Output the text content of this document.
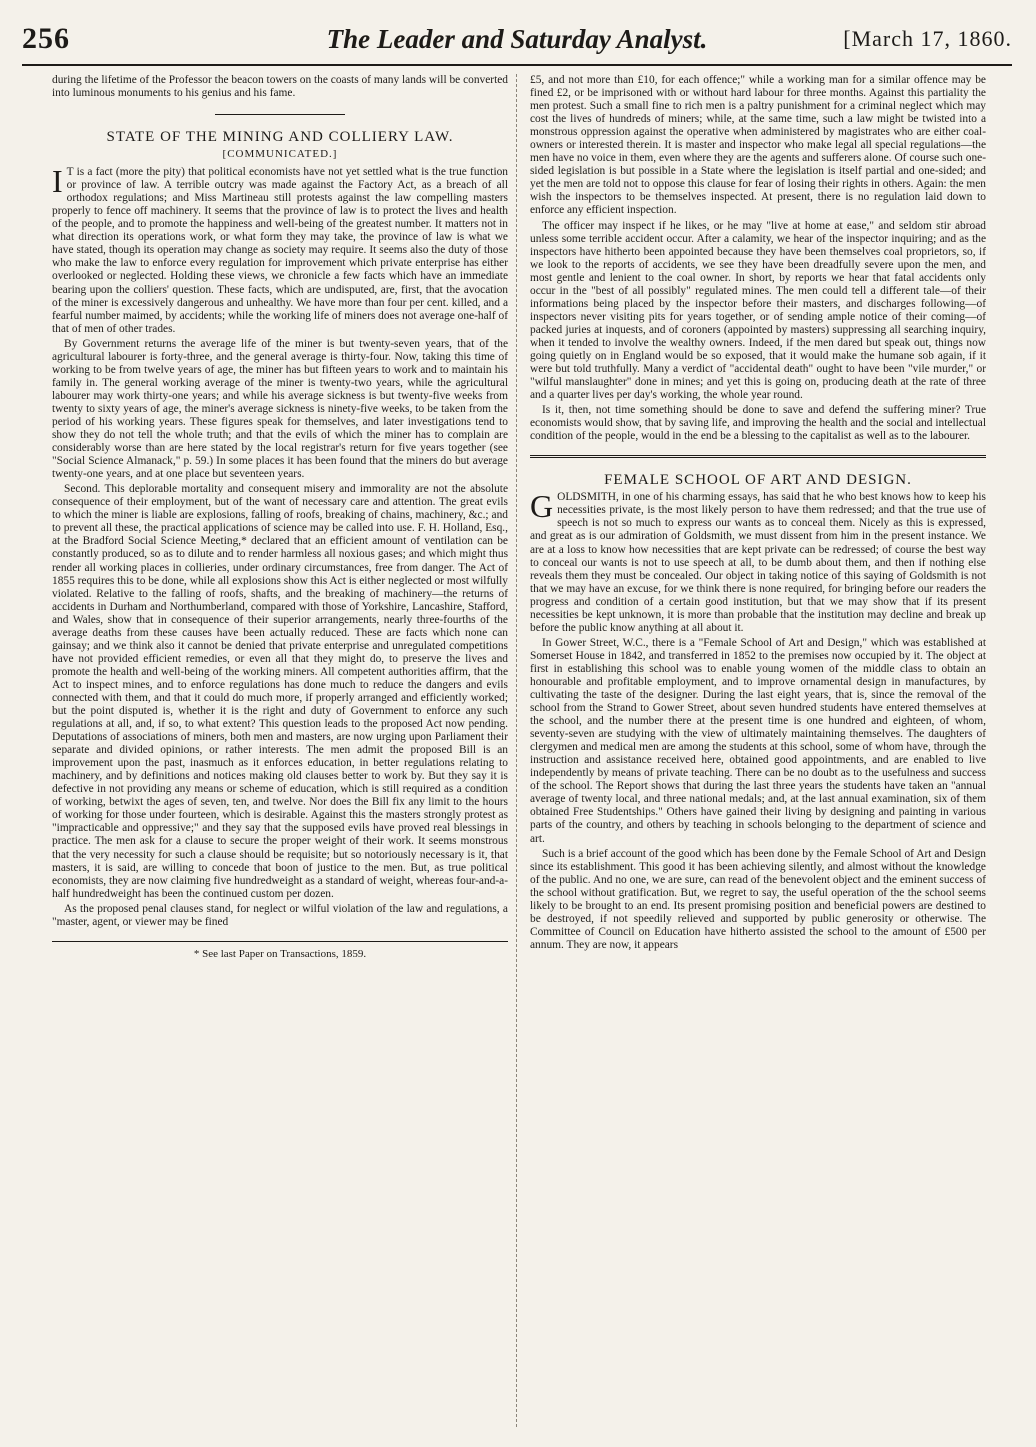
256	The Leader and Saturday Analyst.	[March 17, 1860.

during the lifetime of the Professor the beacon towers on the coasts of many lands will be converted into luminous monuments to his genius and his fame.

STATE OF THE MINING AND COLLIERY LAW.
[COMMUNICATED.]

I T is a fact (more the pity) that political economists have not yet settled what is the true function or province of law. A terrible outcry was made against the Factory Act, as a breach of all orthodox regulations; and Miss Martineau still protests against the law compelling masters properly to fence off machinery. It seems that the province of law is to protect the lives and health of the people, and to promote the happiness and well-being of the greatest number. It matters not in what direction its operations work, or what form they may take, the province of law is what we have stated, though its operation may change as society may require. It seems also the duty of those who make the law to enforce every regulation for improvement which private enterprise has either overlooked or neglected. Holding these views, we chronicle a few facts which have an immediate bearing upon the colliers' question. These facts, which are undisputed, are, first, that the avocation of the miner is excessively dangerous and unhealthy. We have more than four per cent. killed, and a fearful number maimed, by accidents; while the working life of miners does not average one-half of that of men of other trades.

By Government returns the average life of the miner is but twenty-seven years, that of the agricultural labourer is forty-three, and the general average is thirty-four. Now, taking this time of working to be from twelve years of age, the miner has but fifteen years to work and to maintain his family in. The general working average of the miner is twenty-two years, while the agricultural labourer may work thirty-one years; and while his average sickness is but twenty-five weeks from twenty to sixty years of age, the miner's average sickness is ninety-five weeks, to be taken from the period of his working years. These figures speak for themselves, and later investigations tend to show they do not tell the whole truth; and that the evils of which the miner has to complain are considerably worse than are here stated by the local registrar's return for five years together (see "Social Science Almanack," p. 59.) In some places it has been found that the miners do but average twenty-one years, and at one place but seventeen years.

Second. This deplorable mortality and consequent misery and immorality are not the absolute consequence of their employment, but of the want of necessary care and attention. The great evils to which the miner is liable are explosions, falling of roofs, breaking of chains, machinery, &c.; and to prevent all these, the practical applications of science may be called into use. F. H. Holland, Esq., at the Bradford Social Science Meeting,* declared that an efficient amount of ventilation can be constantly produced, so as to dilute and to render harmless all noxious gases; and which might thus render all working places in collieries, under ordinary circumstances, free from danger. The Act of 1855 requires this to be done, while all explosions show this Act is either neglected or most wilfully violated. Relative to the falling of roofs, shafts, and the breaking of machinery—the returns of accidents in Durham and Northumberland, compared with those of Yorkshire, Lancashire, Stafford, and Wales, show that in consequence of their superior arrangements, nearly three-fourths of the average deaths from these causes have been actually reduced. These are facts which none can gainsay; and we think also it cannot be denied that private enterprise and unregulated competitions have not provided efficient remedies, or even all that they might do, to preserve the lives and promote the health and well-being of the working miners. All competent authorities affirm, that the Act to inspect mines, and to enforce regulations has done much to reduce the dangers and evils connected with them, and that it could do much more, if properly arranged and efficiently worked; but the point disputed is, whether it is the right and duty of Government to enforce any such regulations at all, and, if so, to what extent? This question leads to the proposed Act now pending. Deputations of associations of miners, both men and masters, are now urging upon Parliament their separate and divided opinions, or rather interests. The men admit the proposed Bill is an improvement upon the past, inasmuch as it enforces education, in better regulations relating to machinery, and by definitions and notices making old clauses better to work by. But they say it is defective in not providing any means or scheme of education, which is still required as a condition of working, betwixt the ages of seven, ten, and twelve. Nor does the Bill fix any limit to the hours of working for those under fourteen, which is desirable. Against this the masters strongly protest as "impracticable and oppressive;" and they say that the supposed evils have proved real blessings in practice. The men ask for a clause to secure the proper weight of their work. It seems monstrous that the very necessity for such a clause should be requisite; but so notoriously necessary is it, that masters, it is said, are willing to concede that boon of justice to the men. But, as true political economists, they are now claiming five hundredweight as a standard of weight, whereas four-and-a-half hundredweight has been the continued custom per dozen.

As the proposed penal clauses stand, for neglect or wilful violation of the law and regulations, a "master, agent, or viewer may be fined

* See last Paper on Transactions, 1859.

£5, and not more than £10, for each offence;" while a working man for a similar offence may be fined £2, or be imprisoned with or without hard labour for three months. Against this partiality the men protest. Such a small fine to rich men is a paltry punishment for a criminal neglect which may cost the lives of hundreds of miners; while, at the same time, such a law might be twisted into a monstrous oppression against the operative when administered by magistrates who are either coal-owners or interested therein. It is master and inspector who make legal all special regulations—the men have no voice in them, even where they are the agents and sufferers alone. Of course such one-sided legislation is but possible in a State where the legislation is itself partial and one-sided; and yet the men are told not to oppose this clause for fear of losing their rights in others. Again: the men wish the inspectors to be themselves inspected. At present, there is no regulation laid down to enforce any efficient inspection.

The officer may inspect if he likes, or he may "live at home at ease," and seldom stir abroad unless some terrible accident occur. After a calamity, we hear of the inspector inquiring; and as the inspectors have hitherto been appointed because they have been themselves coal proprietors, so, if we look to the reports of accidents, we see they have been dreadfully severe upon the men, and most gentle and lenient to the coal owner. In short, by reports we hear that fatal accidents only occur in the "best of all possibly" regulated mines. The men could tell a different tale—of their informations being placed by the inspector before their masters, and discharges following—of inspectors never visiting pits for years together, or of sending ample notice of their coming—of packed juries at inquests, and of coroners (appointed by masters) suppressing all searching inquiry, when it tended to involve the wealthy owners. Indeed, if the men dared but speak out, things now going quietly on in England would be so exposed, that it would make the humane sob again, if it were but told truthfully. Many a verdict of "accidental death" ought to have been "vile murder," or "wilful manslaughter" done in mines; and yet this is going on, producing death at the rate of three and a quarter lives per day's working, the whole year round.

Is it, then, not time something should be done to save and defend the suffering miner? True economists would show, that by saving life, and improving the health and the social and intellectual condition of the people, would in the end be a blessing to the capitalist as well as to the labourer.

FEMALE SCHOOL OF ART AND DESIGN.

GOLDSMITH, in one of his charming essays, has said that he who best knows how to keep his necessities private, is the most likely person to have them redressed; and that the true use of speech is not so much to express our wants as to conceal them. Nicely as this is expressed, and great as is our admiration of Goldsmith, we must dissent from him in the present instance. We are at a loss to know how necessities that are kept private can be redressed; of course the best way to conceal our wants is not to use speech at all, to be dumb about them, and then if nothing else reveals them they must be concealed. Our object in taking notice of this saying of Goldsmith is not that we may have an excuse, for we think there is none required, for bringing before our readers the progress and condition of a certain good institution, but that we may show that if its present necessities be kept unknown, it is more than probable that the institution may decline and break up before the public know anything at all about it.

In Gower Street, W.C., there is a "Female School of Art and Design," which was established at Somerset House in 1842, and transferred in 1852 to the premises now occupied by it. The object at first in establishing this school was to enable young women of the middle class to obtain an honourable and profitable employment, and to improve ornamental design in manufactures, by cultivating the taste of the designer. During the last eight years, that is, since the removal of the school from the Strand to Gower Street, about seven hundred students have entered themselves at the school, and the number there at the present time is one hundred and eighteen, of whom, seventy-seven are studying with the view of ultimately maintaining themselves. The daughters of clergymen and medical men are among the students at this school, some of whom have, through the instruction and assistance received here, obtained good appointments, and are enabled to live independently by means of private teaching. There can be no doubt as to the usefulness and success of the school. The Report shows that during the last three years the students have taken an "annual average of twenty local, and three national medals; and, at the last annual examination, six of them obtained Free Studentships." Others have gained their living by designing and painting in various parts of the country, and others by teaching in schools belonging to the department of science and art.

Such is a brief account of the good which has been done by the Female School of Art and Design since its establishment. This good it has been achieving silently, and almost without the knowledge of the public. And no one, we are sure, can read of the benevolent object and the eminent success of the school without gratification. But, we regret to say, the useful operation of the the school seems likely to be brought to an end. Its present promising position and beneficial powers are destined to be destroyed, if not speedily relieved and supported by public generosity or otherwise. The Committee of Council on Education have hitherto assisted the school to the amount of £500 per annum. They are now, it appears
